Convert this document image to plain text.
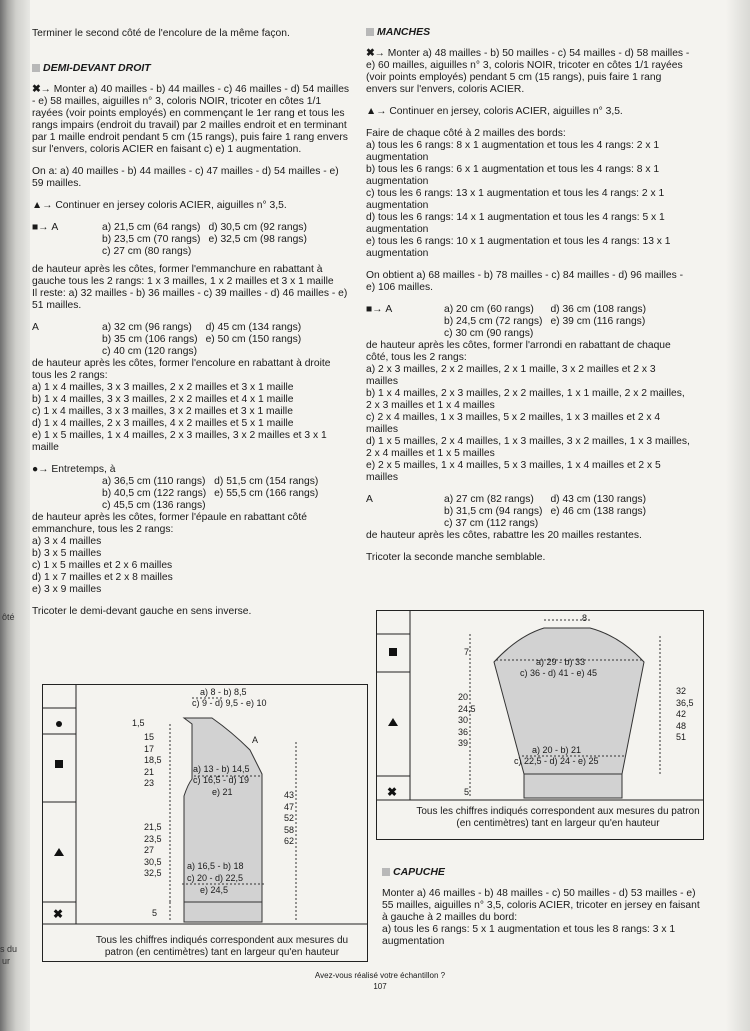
s du
ur
ôté

Terminer le second côté de l'encolure de la même façon.

DEMI-DEVANT DROIT

✖→ Monter a) 40 mailles - b) 44 mailles - c) 46 mailles - d) 54 mailles - e) 58 mailles, aiguilles n° 3, coloris NOIR, tricoter en côtes 1/1 rayées (voir points employés) en commençant le 1er rang et tous les rangs impairs (endroit du travail) par 2 mailles endroit et en terminant par 1 maille endroit pendant 5 cm (15 rangs), puis faire 1 rang envers sur l'envers, coloris ACIER en faisant c) e) 1 augmentation.

On a: a) 40 mailles - b) 44 mailles - c) 47 mailles - d) 54 mailles - e) 59 mailles.

▲→ Continuer en jersey coloris ACIER, aiguilles n° 3,5.

■→ A	a) 21,5 cm (64 rangs) d) 30,5 cm (92 rangs)
b) 23,5 cm (70 rangs) e) 32,5 cm (98 rangs)
c) 27 cm (80 rangs)

de hauteur après les côtes, former l'emmanchure en rabattant à gauche tous les 2 rangs: 1 x 3 mailles, 1 x 2 mailles et 3 x 1 maille

Il reste: a) 32 mailles - b) 36 mailles - c) 39 mailles - d) 46 mailles - e) 51 mailles.

A	a) 32 cm (96 rangs)	d) 45 cm (134 rangs)
b) 35 cm (106 rangs) e) 50 cm (150 rangs)
c) 40 cm (120 rangs)

de hauteur après les côtes, former l'encolure en rabattant à droite tous les 2 rangs:

a) 1 x 4 mailles, 3 x 3 mailles, 2 x 2 mailles et 3 x 1 maille

b) 1 x 4 mailles, 3 x 3 mailles, 2 x 2 mailles et 4 x 1 maille

c) 1 x 4 mailles, 3 x 3 mailles, 3 x 2 mailles et 3 x 1 maille

d) 1 x 4 mailles, 2 x 3 mailles, 4 x 2 mailles et 5 x 1 maille

e) 1 x 5 mailles, 1 x 4 mailles, 2 x 3 mailles, 3 x 2 mailles et 3 x 1 maille

●→ Entretemps, à

a) 36,5 cm (110 rangs) d) 51,5 cm (154 rangs)
b) 40,5 cm (122 rangs) e) 55,5 cm (166 rangs)
c) 45,5 cm (136 rangs)

de hauteur après les côtes, former l'épaule en rabattant côté emmanchure, tous les 2 rangs:

a) 3 x 4 mailles

b) 3 x 5 mailles

c) 1 x 5 mailles et 2 x 6 mailles

d) 1 x 7 mailles et 2 x 8 mailles

e) 3 x 9 mailles

Tricoter le demi-devant gauche en sens inverse.

✖
a) 8 - b) 8,5
c) 9 - d) 9,5 - e) 10
1,5
15
17
18,5
21
23
A
a) 13 - b) 14,5
c) 16,5 - d) 19
e) 21
21,5
23,5
27
30,5
32,5
43
47
52
58
62
a) 16,5 - b) 18
c) 20 - d) 22,5
e) 24,5
5
Tous les chiffres indiqués correspondent aux mesures du patron (en centimètres) tant en largeur qu'en hauteur

MANCHES

✖→ Monter a) 48 mailles - b) 50 mailles - c) 54 mailles - d) 58 mailles - e) 60 mailles, aiguilles n° 3, coloris NOIR, tricoter en côtes 1/1 rayées (voir points employés) pendant 5 cm (15 rangs), puis faire 1 rang envers sur l'envers, coloris ACIER.

▲→ Continuer en jersey, coloris ACIER, aiguilles n° 3,5.

Faire de chaque côté à 2 mailles des bords:

a) tous les 6 rangs: 8 x 1 augmentation et tous les 4 rangs: 2 x 1 augmentation

b) tous les 6 rangs: 6 x 1 augmentation et tous les 4 rangs: 8 x 1 augmentation

c) tous les 6 rangs: 13 x 1 augmentation et tous les 4 rangs: 2 x 1 augmentation

d) tous les 6 rangs: 14 x 1 augmentation et tous les 4 rangs: 5 x 1 augmentation

e) tous les 6 rangs: 10 x 1 augmentation et tous les 4 rangs: 13 x 1 augmentation

On obtient a) 68 mailles - b) 78 mailles - c) 84 mailles - d) 96 mailles - e) 106 mailles.

■→ A	a) 20 cm (60 rangs)	d) 36 cm (108 rangs)
b) 24,5 cm (72 rangs) e) 39 cm (116 rangs)
c) 30 cm (90 rangs)

de hauteur après les côtes, former l'arrondi en rabattant de chaque côté, tous les 2 rangs:

a) 2 x 3 mailles, 2 x 2 mailles, 2 x 1 maille, 3 x 2 mailles et 2 x 3 mailles

b) 1 x 4 mailles, 2 x 3 mailles, 2 x 2 mailles, 1 x 1 maille, 2 x 2 mailles, 2 x 3 mailles et 1 x 4 mailles

c) 2 x 4 mailles, 1 x 3 mailles, 5 x 2 mailles, 1 x 3 mailles et 2 x 4 mailles

d) 1 x 5 mailles, 2 x 4 mailles, 1 x 3 mailles, 3 x 2 mailles, 1 x 3 mailles, 2 x 4 mailles et 1 x 5 mailles

e) 2 x 5 mailles, 1 x 4 mailles, 5 x 3 mailles, 1 x 4 mailles et 2 x 5 mailles

A	a) 27 cm (82 rangs)	d) 43 cm (130 rangs)
b) 31,5 cm (94 rangs) e) 46 cm (138 rangs)
c) 37 cm (112 rangs)

de hauteur après les côtes, rabattre les 20 mailles restantes.

Tricoter la seconde manche semblable.

✖
8
7
a) 29 - b) 33
c) 36 - d) 41 - e) 45
20
24,5
30
36
39
32
36,5
42
48
51
a) 20 - b) 21
c) 22,5 - d) 24 - e) 25
5
Tous les chiffres indiqués correspondent aux mesures du patron (en centimètres) tant en largeur qu'en hauteur

CAPUCHE

Monter a) 46 mailles - b) 48 mailles - c) 50 mailles - d) 53 mailles - e) 55 mailles, aiguilles n° 3,5, coloris ACIER, tricoter en jersey en faisant à gauche à 2 mailles du bord:

a) tous les 6 rangs: 5 x 1 augmentation et tous les 8 rangs: 3 x 1 augmentation

Avez-vous réalisé votre échantillon ?
107
